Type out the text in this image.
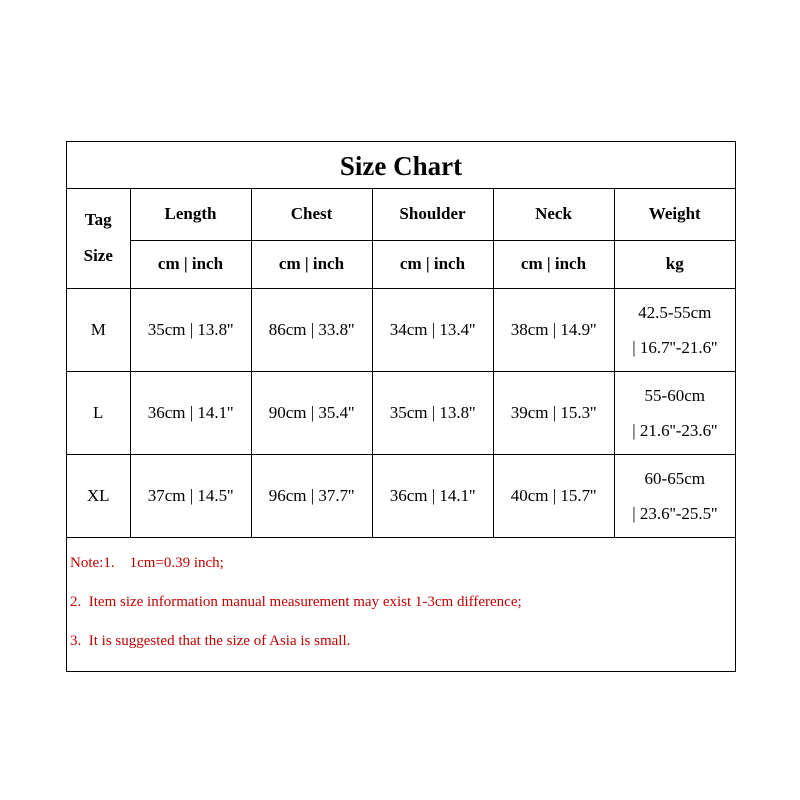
Size Chart
Tag
Size	Length	Chest	Shoulder	Neck	Weight
	cm | inch	cm | inch	cm | inch	cm | inch	kg
M	35cm | 13.8''	86cm | 33.8''	34cm | 13.4''	38cm | 14.9''	42.5-55cm
| 16.7''-21.6''

L	36cm | 14.1''	90cm | 35.4''	35cm | 13.8''	39cm | 15.3''	55-60cm
| 21.6''-23.6''

XL	37cm | 14.5''	96cm | 37.7''	36cm | 14.1''	40cm | 15.7''	60-65cm
| 23.6''-25.5''
Note:1.    1cm=0.39 inch;
2.  Item size information manual measurement may exist 1-3cm difference;
3.  It is suggested that the size of Asia is small.
